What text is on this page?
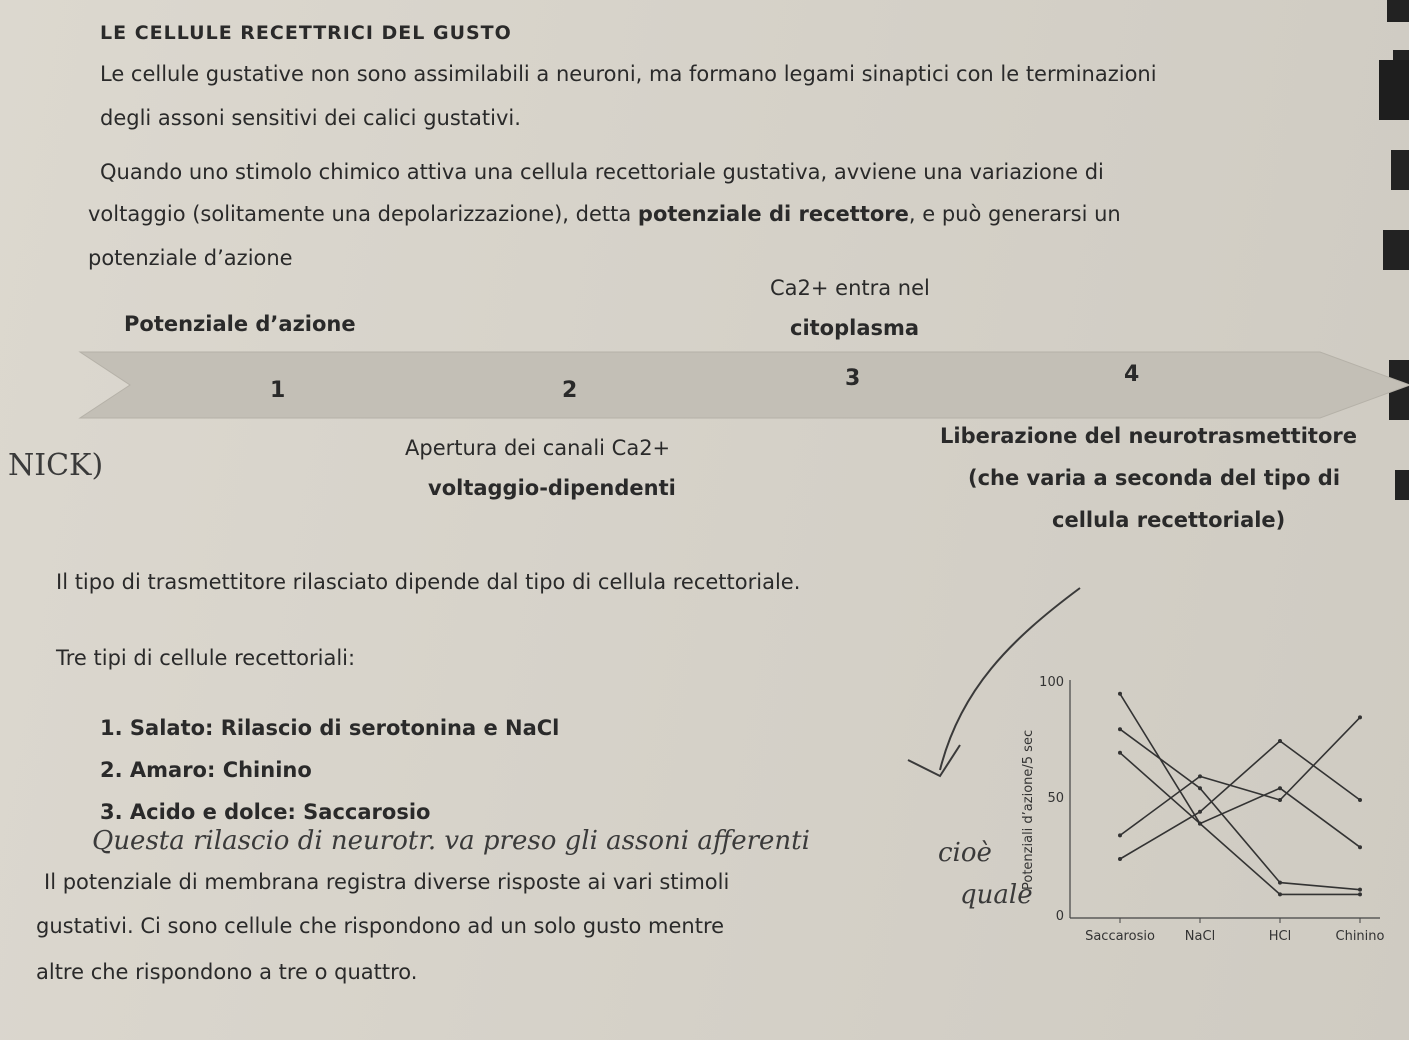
LE CELLULE RECETTRICI DEL GUSTO
Le cellule gustative non sono assimilabili a neuroni, ma formano legami sinaptici con le terminazioni
degli assoni sensitivi dei calici gustativi.
Quando uno stimolo chimico attiva una cellula recettoriale gustativa, avviene una variazione di
voltaggio (solitamente una depolarizzazione), detta potenziale di recettore, e può generarsi un
potenziale d’azione
Potenziale d’azione
Ca2+ entra nel
citoplasma
1	2	3	4
Apertura dei canali Ca2+
voltaggio-dipendenti
Liberazione del neurotrasmettitore
(che varia a seconda del tipo di
cellula recettoriale)
NICK)
Il tipo di trasmettitore rilasciato dipende dal tipo di cellula recettoriale.
Tre tipi di cellule recettoriali:
1. Salato: Rilascio di serotonina e NaCl
2. Amaro: Chinino
3. Acido e dolce: Saccarosio
Questa rilascio di neurotr. va preso gli assoni afferenti	cioè
quale
Il potenziale di membrana registra diverse risposte ai vari stimoli
gustativi. Ci sono cellule che rispondono ad un solo gusto mentre
altre che rispondono a tre o quattro.
Potenziali d’azione/5 sec
100
50
0
Saccarosio NaCl	HCl	Chinino
